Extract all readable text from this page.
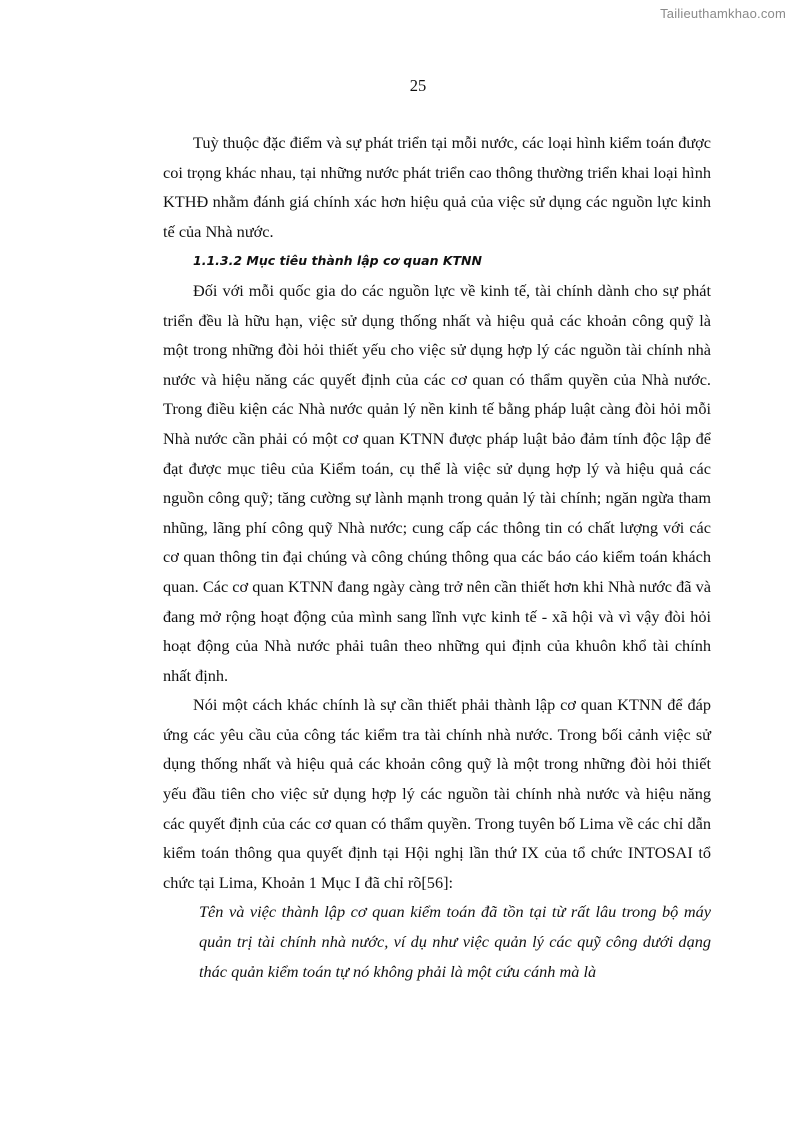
Tailieuthamkhao.com
25

Tuỳ thuộc đặc điểm và sự phát triển tại mỗi nước, các loại hình kiểm toán được coi trọng khác nhau, tại những nước phát triển cao thông thường triển khai loại hình KTHĐ nhằm đánh giá chính xác hơn hiệu quả của việc sử dụng các nguồn lực kinh tế của Nhà nước.

1.1.3.2 Mục tiêu thành lập cơ quan KTNN

Đối với mỗi quốc gia do các nguồn lực về kinh tế, tài chính dành cho sự phát triển đều là hữu hạn, việc sử dụng thống nhất và hiệu quả các khoản công quỹ là một trong những đòi hỏi thiết yếu cho việc sử dụng hợp lý các nguồn tài chính nhà nước và hiệu năng các quyết định của các cơ quan có thẩm quyền của Nhà nước. Trong điều kiện các Nhà nước quản lý nền kinh tế bằng pháp luật càng đòi hỏi mỗi Nhà nước cần phải có một cơ quan KTNN được pháp luật bảo đảm tính độc lập để đạt được mục tiêu của Kiểm toán, cụ thể là việc sử dụng hợp lý và hiệu quả các nguồn công quỹ; tăng cường sự lành mạnh trong quản lý tài chính; ngăn ngừa tham nhũng, lãng phí công quỹ Nhà nước; cung cấp các thông tin có chất lượng với các cơ quan thông tin đại chúng và công chúng thông qua các báo cáo kiểm toán khách quan. Các cơ quan KTNN đang ngày càng trở nên cần thiết hơn khi Nhà nước đã và đang mở rộng hoạt động của mình sang lĩnh vực kinh tế - xã hội và vì vậy đòi hỏi hoạt động của Nhà nước phải tuân theo những qui định của khuôn khổ tài chính nhất định.

Nói một cách khác chính là sự cần thiết phải thành lập cơ quan KTNN để đáp ứng các yêu cầu của công tác kiểm tra tài chính nhà nước. Trong bối cảnh việc sử dụng thống nhất và hiệu quả các khoản công quỹ là một trong những đòi hỏi thiết yếu đầu tiên cho việc sử dụng hợp lý các nguồn tài chính nhà nước và hiệu năng các quyết định của các cơ quan có thẩm quyền. Trong tuyên bố Lima về các chỉ dẫn kiểm toán thông qua quyết định tại Hội nghị lần thứ IX của tổ chức INTOSAI tổ chức tại Lima, Khoản 1 Mục I đã chỉ rõ[56]:

Tên và việc thành lập cơ quan kiểm toán đã tồn tại từ rất lâu trong bộ máy quản trị tài chính nhà nước, ví dụ như việc quản lý các quỹ công dưới dạng thác quản kiểm toán tự nó không phải là một cứu cánh mà là
